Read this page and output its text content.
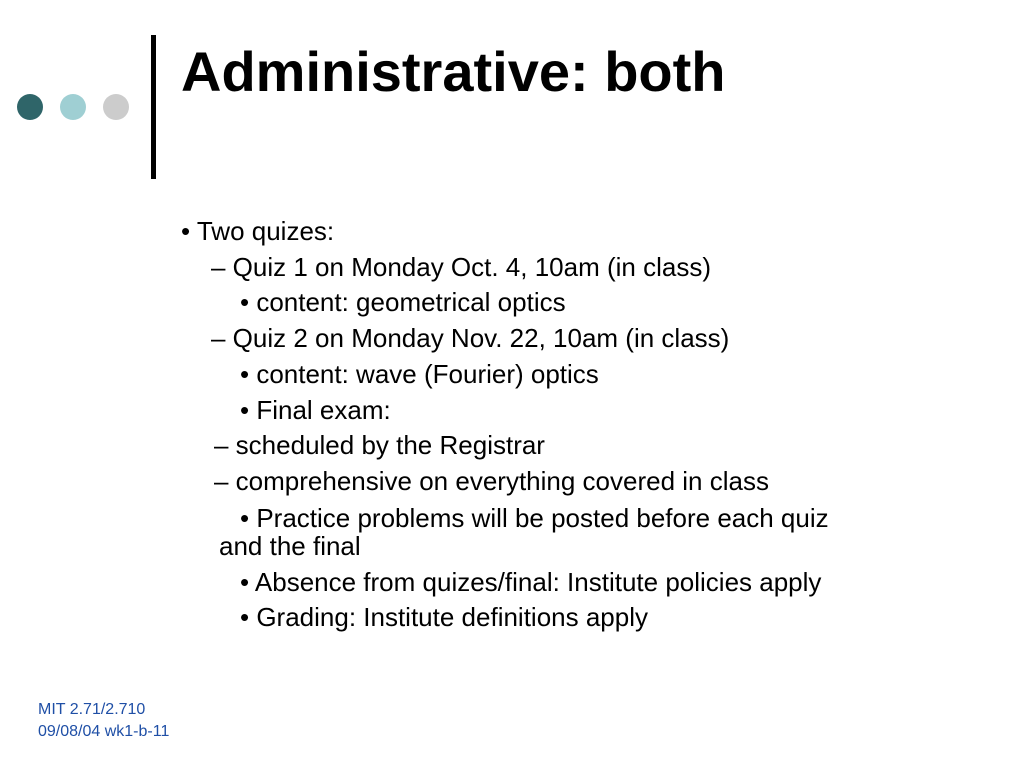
Administrative: both

• Two quizes:

– Quiz 1 on Monday Oct. 4, 10am (in class)

• content: geometrical optics

– Quiz 2 on Monday Nov. 22, 10am (in class)

• content: wave (Fourier) optics

• Final exam:

– scheduled by the Registrar

– comprehensive on everything covered in class

• Practice problems will be posted before each quiz

and the final

• Absence from quizes/final: Institute policies apply

• Grading: Institute definitions apply

MIT 2.71/2.710
09/08/04 wk1-b-11
